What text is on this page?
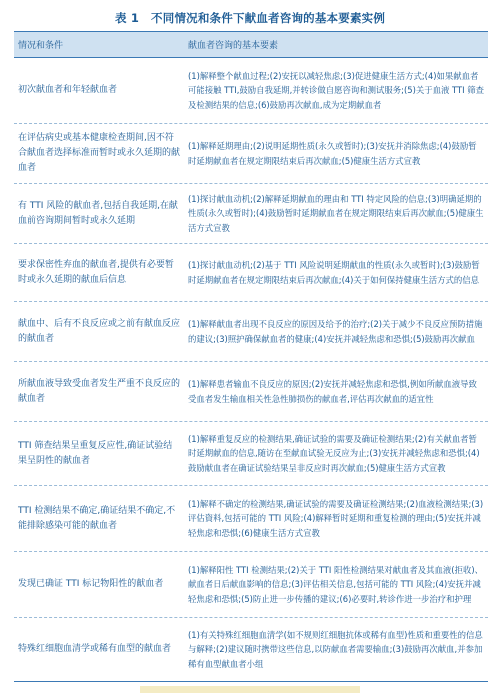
表 1 不同情况和条件下献血者咨询的基本要素实例
情况和条件	献血者咨询的基本要素
初次献血者和年轻献血者
(1)解释整个献血过程;(2)安抚以减轻焦虑;(3)促进健康生活方式;(4)如果献血者可能接触 TTI,鼓励自我延期,并转诊做自愿咨询和测试服务;(5)关于血液 TTI 筛查及检测结果的信息;(6)鼓励再次献血,成为定期献血者
在评估病史或基本健康检查期间,因不符合献血者选择标准而暂时或永久延期的献血者
(1)解释延期理由;(2)说明延期性质(永久或暂时);(3)安抚并消除焦虑;(4)鼓励暂时延期献血者在规定期限结束后再次献血;(5)健康生活方式宣教
有 TTI 风险的献血者,包括自我延期,在献血前咨询期间暂时或永久延期
(1)探讨献血动机;(2)解释延期献血的理由和 TTI 特定风险的信息;(3)明确延期的性质(永久或暂时);(4)鼓励暂时延期献血者在规定期限结束后再次献血;(5)健康生活方式宣教
要求保密性弃血的献血者,提供有必要暂时或永久延期的献血后信息
(1)探讨献血动机;(2)基于 TTI 风险说明延期献血的性质(永久或暂时);(3)鼓励暂时延期献血者在规定期限结束后再次献血;(4)关于如何保持健康生活方式的信息
献血中、后有不良反应或之前有献血反应的献血者
(1)解释献血者出现不良反应的原因及给予的治疗;(2)关于减少不良反应预防措施的建议;(3)照护确保献血者的健康;(4)安抚并减轻焦虑和恐惧;(5)鼓励再次献血
所献血液导致受血者发生严重不良反应的献血者
(1)解释患者输血不良反应的原因;(2)安抚并减轻焦虑和恐惧,例如所献血液导致受血者发生输血相关性急性肺损伤的献血者,评估再次献血的适宜性
TTI 筛查结果呈重复反应性,确证试验结果呈阴性的献血者
(1)解释重复反应的检测结果,确证试验的需要及确证检测结果;(2)有关献血者暂时延期献血的信息,随访在至献血试验无反应为止;(3)安抚并减轻焦虑和恐惧;(4)鼓励献血者在确证试验结果呈非反应时再次献血;(5)健康生活方式宣教
TTI 检测结果不确定,确证结果不确定,不能排除感染可能的献血者
(1)解释不确定的检测结果,确证试验的需要及确证检测结果;(2)血液检测结果;(3)评估資料,包括可能的 TTI 风险;(4)解释暂时延期和重复检测的理由;(5)安抚并减轻焦虑和恐惧;(6)健康生活方式宣教
发现已确证 TTI 标记物阳性的献血者
(1)解释阳性 TTI 检测结果;(2)关于 TTI 阳性检测结果对献血者及其血液(拒收)、献血者日后献血影响的信息;(3)评估相关信息,包括可能的 TTI 风险;(4)安抚并减轻焦虑和恐惧;(5)防止进一步传播的建议;(6)必要时,转诊作进一步治疗和护理
特殊红细胞血清学或稀有血型的献血者
(1)有关特殊红细胞血清学(如不规则红细胞抗体或稀有血型)性质和重要性的信息与解释;(2)建议随时携带这些信息,以防献血者需要输血;(3)鼓励再次献血,并参加稀有血型献血者小组
